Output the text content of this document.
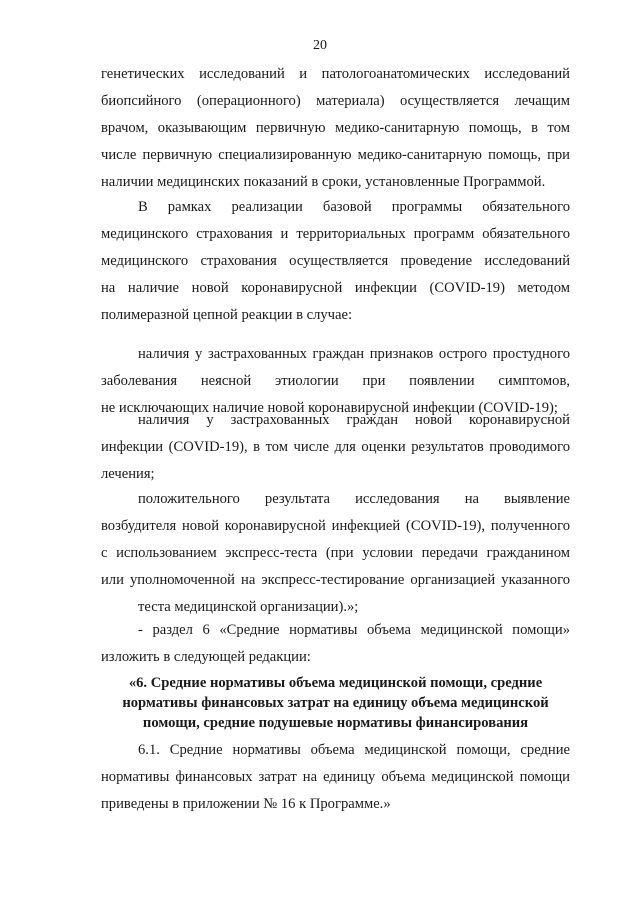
20
генетических исследований и патологоанатомических исследований
биопсийного (операционного) материала) осуществляется лечащим
врачом, оказывающим первичную медико-санитарную помощь, в том
числе первичную специализированную медико-санитарную помощь, при
наличии медицинских показаний в сроки, установленные Программой.
В рамках реализации базовой программы обязательного
медицинского страхования и территориальных программ обязательного
медицинского страхования осуществляется проведение исследований
на наличие новой коронавирусной инфекции (COVID-19) методом
полимеразной цепной реакции в случае:
наличия у застрахованных граждан признаков острого простудного
заболевания неясной этиологии при появлении симптомов,
не исключающих наличие новой коронавирусной инфекции (COVID-19);
наличия у застрахованных граждан новой коронавирусной
инфекции (COVID-19), в том числе для оценки результатов проводимого
лечения;
положительного результата исследования на выявление
возбудителя новой коронавирусной инфекцией (COVID-19), полученного
с использованием экспресс-теста (при условии передачи гражданином
или уполномоченной на экспресс-тестирование организацией указанного
теста медицинской организации).»;
- раздел 6 «Средние нормативы объема медицинской помощи»
изложить в следующей редакции:
«6. Средние нормативы объема медицинской помощи, средние
нормативы финансовых затрат на единицу объема медицинской
помощи, средние подушевые нормативы финансирования
6.1. Средние нормативы объема медицинской помощи, средние
нормативы финансовых затрат на единицу объема медицинской помощи
приведены в приложении № 16 к Программе.»
